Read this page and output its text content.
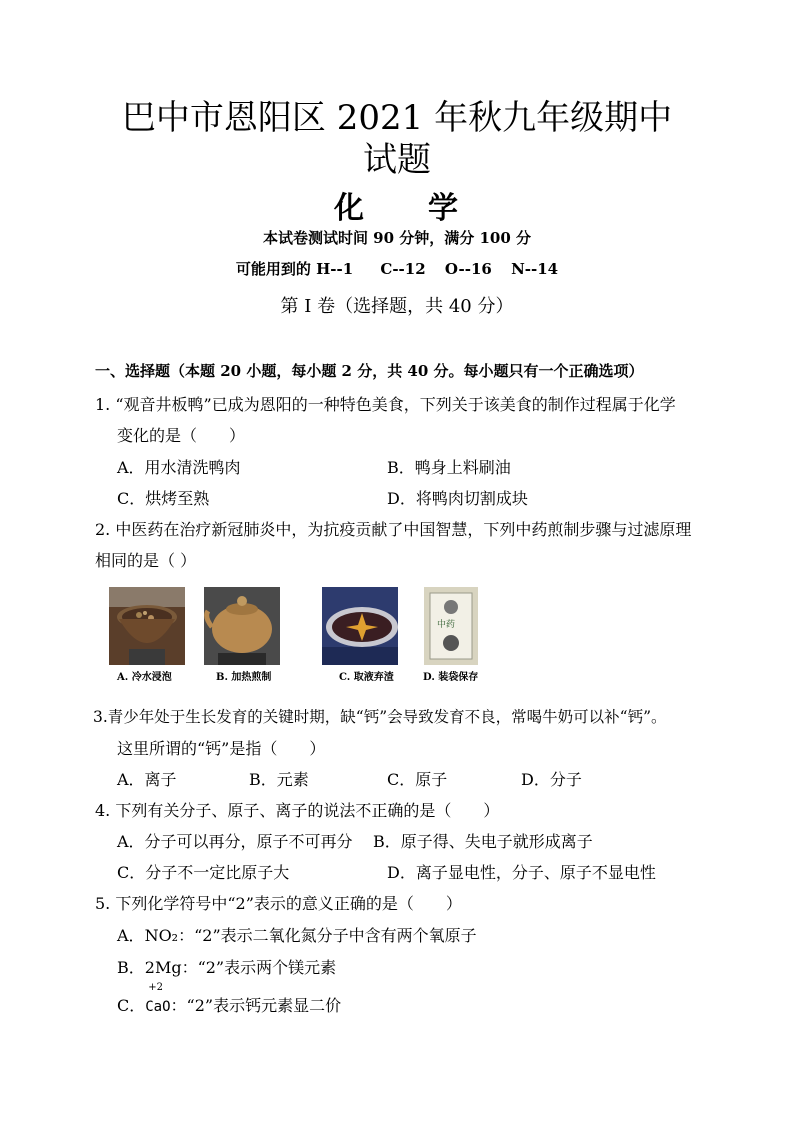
巴中市恩阳区 2021 年秋九年级期中
试题
化 学
本试卷测试时间 90 分钟，满分 100 分
可能用到的 H--1 C--12 O--16 N--14
第 I 卷（选择题，共 40 分）
一、选择题（本题 20 小题，每小题 2 分，共 40 分。每小题只有一个正确选项）
1. “观音井板鸭”已成为恩阳的一种特色美食，下列关于该美食的制作过程属于化学
变化的是（　　）
A．用水清洗鸭肉	B．鸭身上料刷油
C．烘烤至熟	D．将鸭肉切割成块
2. 中医药在治疗新冠肺炎中，为抗疫贡献了中国智慧，下列中药煎制步骤与过滤原理
相同的是（ ）
中药
A. 冷水浸泡	B. 加热煎制	C. 取液弃渣	D. 装袋保存
3.青少年处于生长发育的关键时期，缺“钙”会导致发育不良，常喝牛奶可以补“钙”。
这里所谓的“钙”是指（　　）
A．离子	B．元素	C．原子	D．分子
4. 下列有关分子、原子、离子的说法不正确的是（　　）
A．分子可以再分，原子不可再分 B．原子得、失电子就形成离子
C．分子不一定比原子大	D．离子显电性，分子、原子不显电性
5. 下列化学符号中“2”表示的意义正确的是（　　）
A．NO₂：“2”表示二氧化氮分子中含有两个氧原子
B．2Mg：“2”表示两个镁元素
C．
+2
CaO：“2”表示钙元素显二价
